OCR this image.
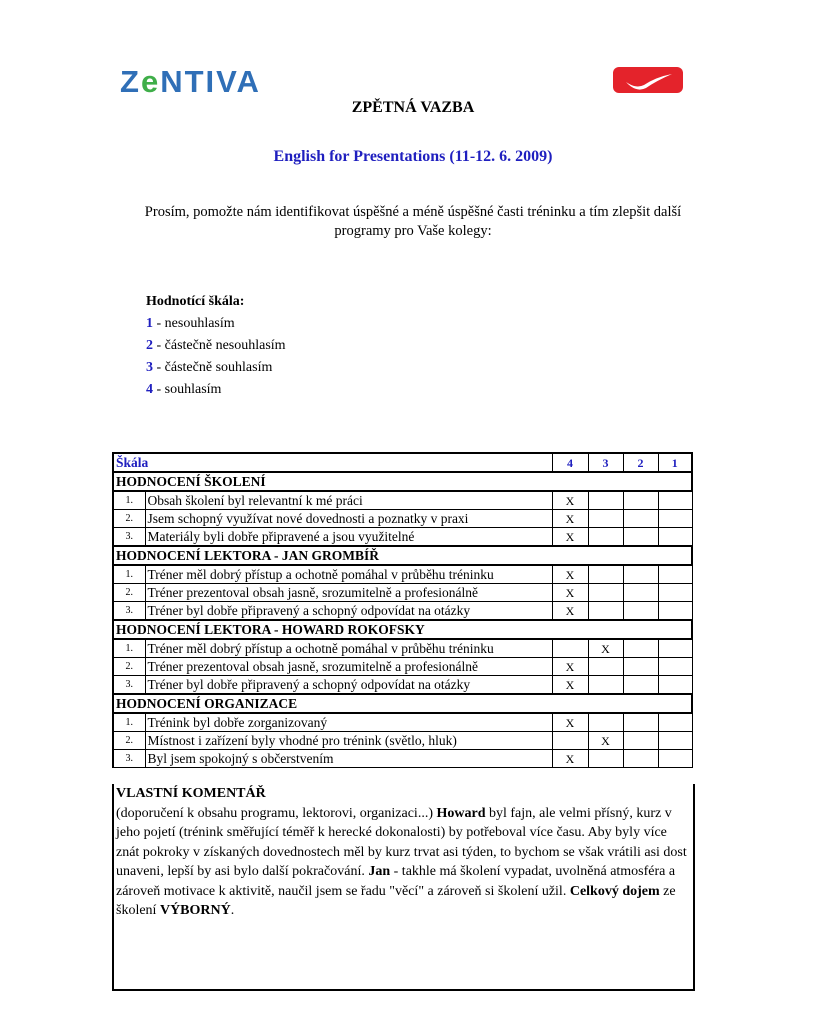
ZeNTIVA
ZPĚTNÁ VAZBA
English for Presentations (11-12. 6. 2009)
Prosím, pomožte nám identifikovat úspěšné a méně úspěšné časti tréninku a tím zlepšit další
programy pro Vaše kolegy:
Hodnotící škála:
1 - nesouhlasím
2 - částečně nesouhlasím
3 - částečně souhlasím
4 - souhlasím
Škála		4	3	2	1
HODNOCENÍ ŠKOLENÍ					
1.	Obsah školení byl relevantní k mé práci	X			
2.	Jsem schopný využívat nové dovednosti a poznatky v praxi	X			
3.	Materiály byli dobře připravené a jsou využitelné	X			
HODNOCENÍ LEKTORA - JAN GROMBÍŘ					
1.	Tréner měl dobrý přístup a ochotně pomáhal v průběhu tréninku	X			
2.	Tréner prezentoval obsah jasně, srozumitelně a profesionálně	X			
3.	Tréner byl dobře připravený a schopný odpovídat na otázky	X			
HODNOCENÍ LEKTORA - HOWARD ROKOFSKY					
1.	Tréner měl dobrý přístup a ochotně pomáhal v průběhu tréninku		X		
2.	Tréner prezentoval obsah jasně, srozumitelně a profesionálně	X			
3.	Tréner byl dobře připravený a schopný odpovídat na otázky	X			
HODNOCENÍ ORGANIZACE					
1.	Trénink byl dobře zorganizovaný	X			
2.	Místnost i zařízení byly vhodné pro trénink (světlo, hluk)		X		
3.	Byl jsem spokojný s občerstvením	X			
VLASTNÍ KOMENTÁŘ
(doporučení k obsahu programu, lektorovi, organizaci...) Howard byl fajn, ale velmi přísný, kurz v jeho pojetí (trénink směřující téměř k herecké dokonalosti) by potřeboval více času. Aby byly více znát pokroky v získaných dovednostech měl by kurz trvat asi týden, to bychom se však vrátili asi dost unaveni, lepší by asi bylo další pokračování. Jan - takhle má školení vypadat, uvolněná atmosféra a zároveň motivace k aktivitě, naučil jsem se řadu "věcí" a zároveň si školení užil. Celkový dojem ze školení VÝBORNÝ.
